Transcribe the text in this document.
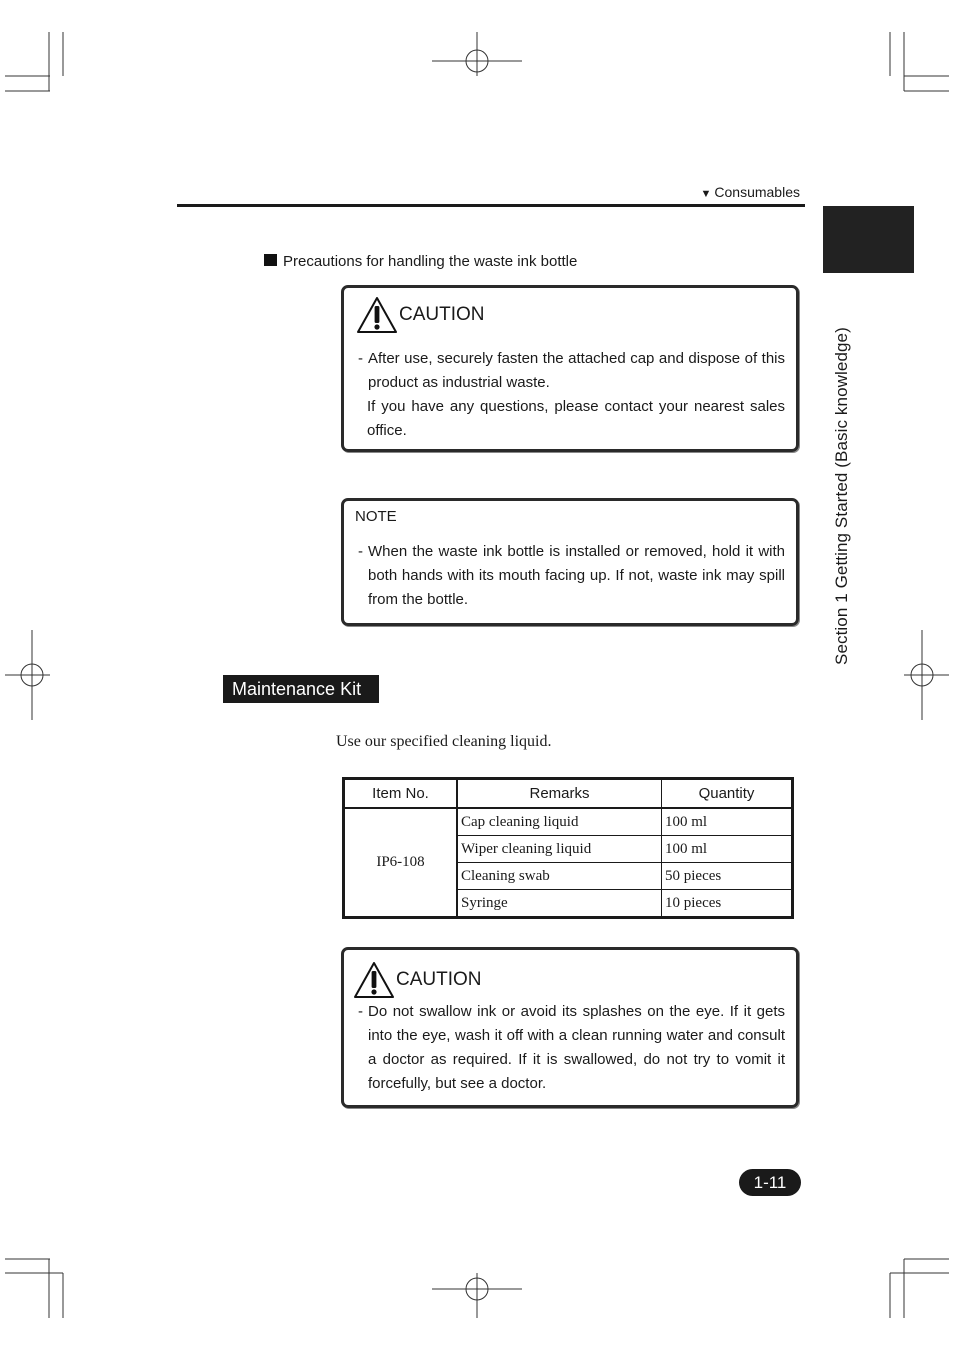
▼ Consumables
Section 1 Getting Started (Basic knowledge)
Precautions for handling the waste ink bottle
CAUTION
- After use, securely fasten the attached cap and dispose of this product as industrial waste.
If you have any questions, please contact your nearest sales office.
NOTE
- When the waste ink bottle is installed or removed, hold it with both hands with its mouth facing up. If not, waste ink may spill from the bottle.
Maintenance Kit
Use our specified cleaning liquid.
Item No.	Remarks	Quantity
IP6-108	Cap cleaning liquid	100 ml
	Wiper cleaning liquid	100 ml
	Cleaning swab	50 pieces
	Syringe	10 pieces
CAUTION
- Do not swallow ink or avoid its splashes on the eye. If it gets into the eye, wash it off with a clean running water and consult a doctor as required. If it is swallowed, do not try to vomit it forcefully, but see a doctor.
1-11
